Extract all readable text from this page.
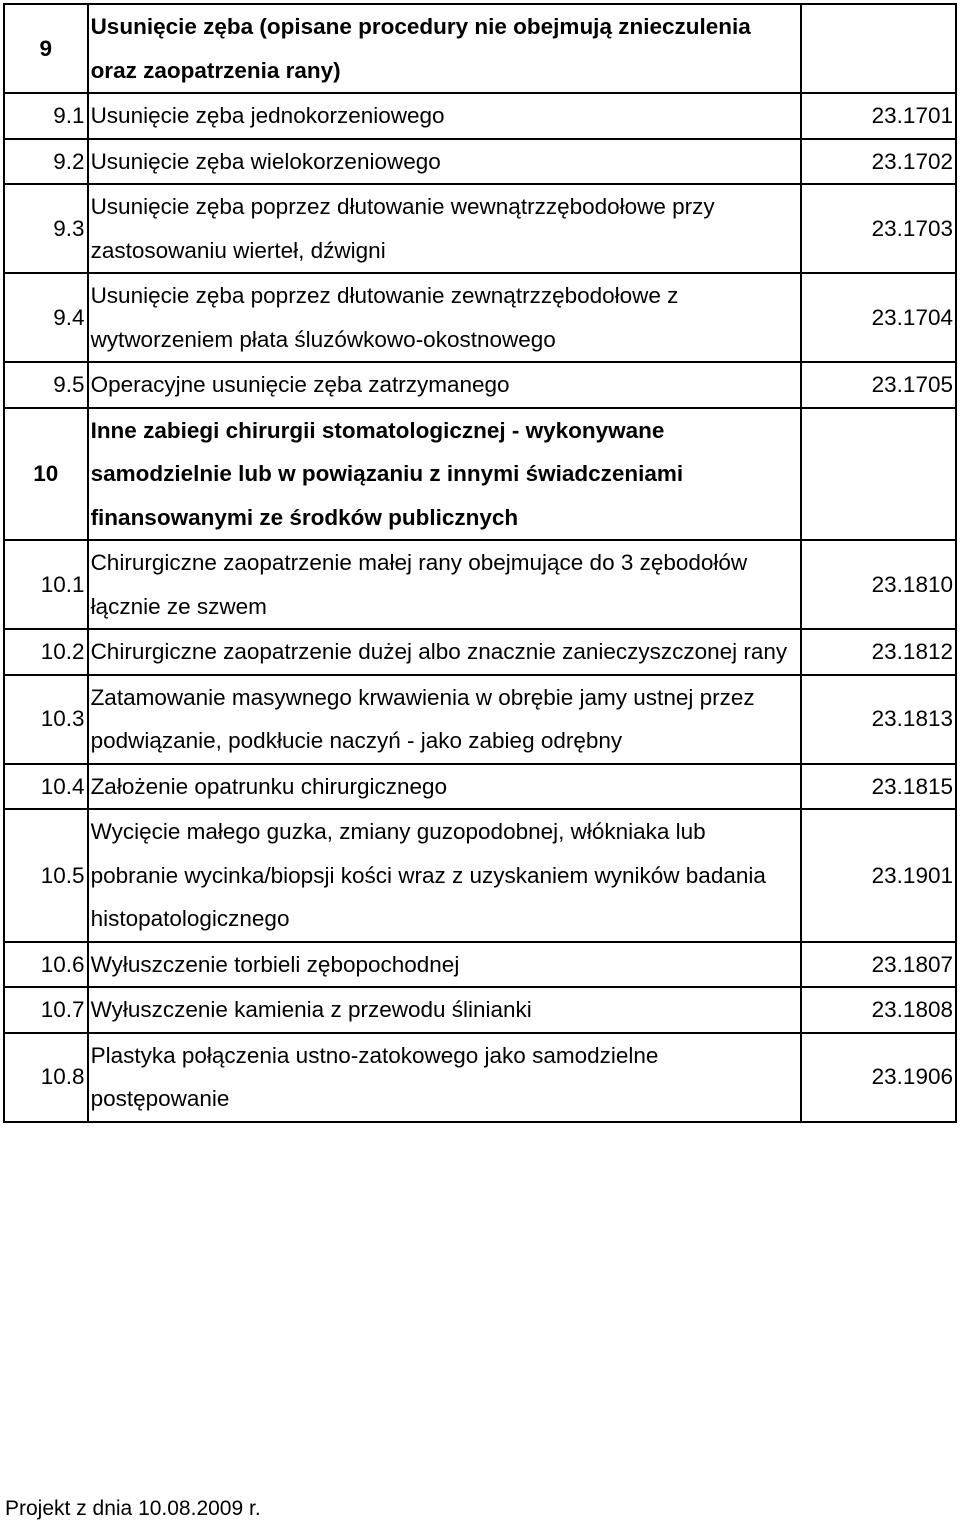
9	Usunięcie zęba (opisane procedury nie obejmują znieczulenia oraz zaopatrzenia rany)	
9.1	Usunięcie zęba jednokorzeniowego	23.1701
9.2	Usunięcie zęba wielokorzeniowego	23.1702
9.3	Usunięcie zęba poprzez dłutowanie wewnątrzzębodołowe przy zastosowaniu wierteł, dźwigni	23.1703
9.4	Usunięcie zęba poprzez dłutowanie zewnątrzzębodołowe z wytworzeniem płata śluzówkowo-okostnowego	23.1704
9.5	Operacyjne usunięcie zęba zatrzymanego	23.1705
10	Inne zabiegi chirurgii stomatologicznej - wykonywane samodzielnie lub w powiązaniu z innymi świadczeniami finansowanymi ze środków publicznych	
10.1	Chirurgiczne zaopatrzenie małej rany obejmujące do 3 zębodołów łącznie ze szwem	23.1810
10.2	Chirurgiczne zaopatrzenie dużej albo znacznie zanieczyszczonej rany	23.1812
10.3	Zatamowanie masywnego krwawienia w obrębie jamy ustnej przez podwiązanie, podkłucie naczyń - jako zabieg odrębny	23.1813
10.4	Założenie opatrunku chirurgicznego	23.1815
10.5	Wycięcie małego guzka, zmiany guzopodobnej, włókniaka lub pobranie wycinka/biopsji kości wraz z uzyskaniem wyników badania histopatologicznego	23.1901
10.6	Wyłuszczenie torbieli zębopochodnej	23.1807
10.7	Wyłuszczenie kamienia z przewodu ślinianki	23.1808
10.8	Plastyka połączenia ustno-zatokowego jako samodzielne postępowanie	23.1906
Projekt z dnia 10.08.2009 r.
